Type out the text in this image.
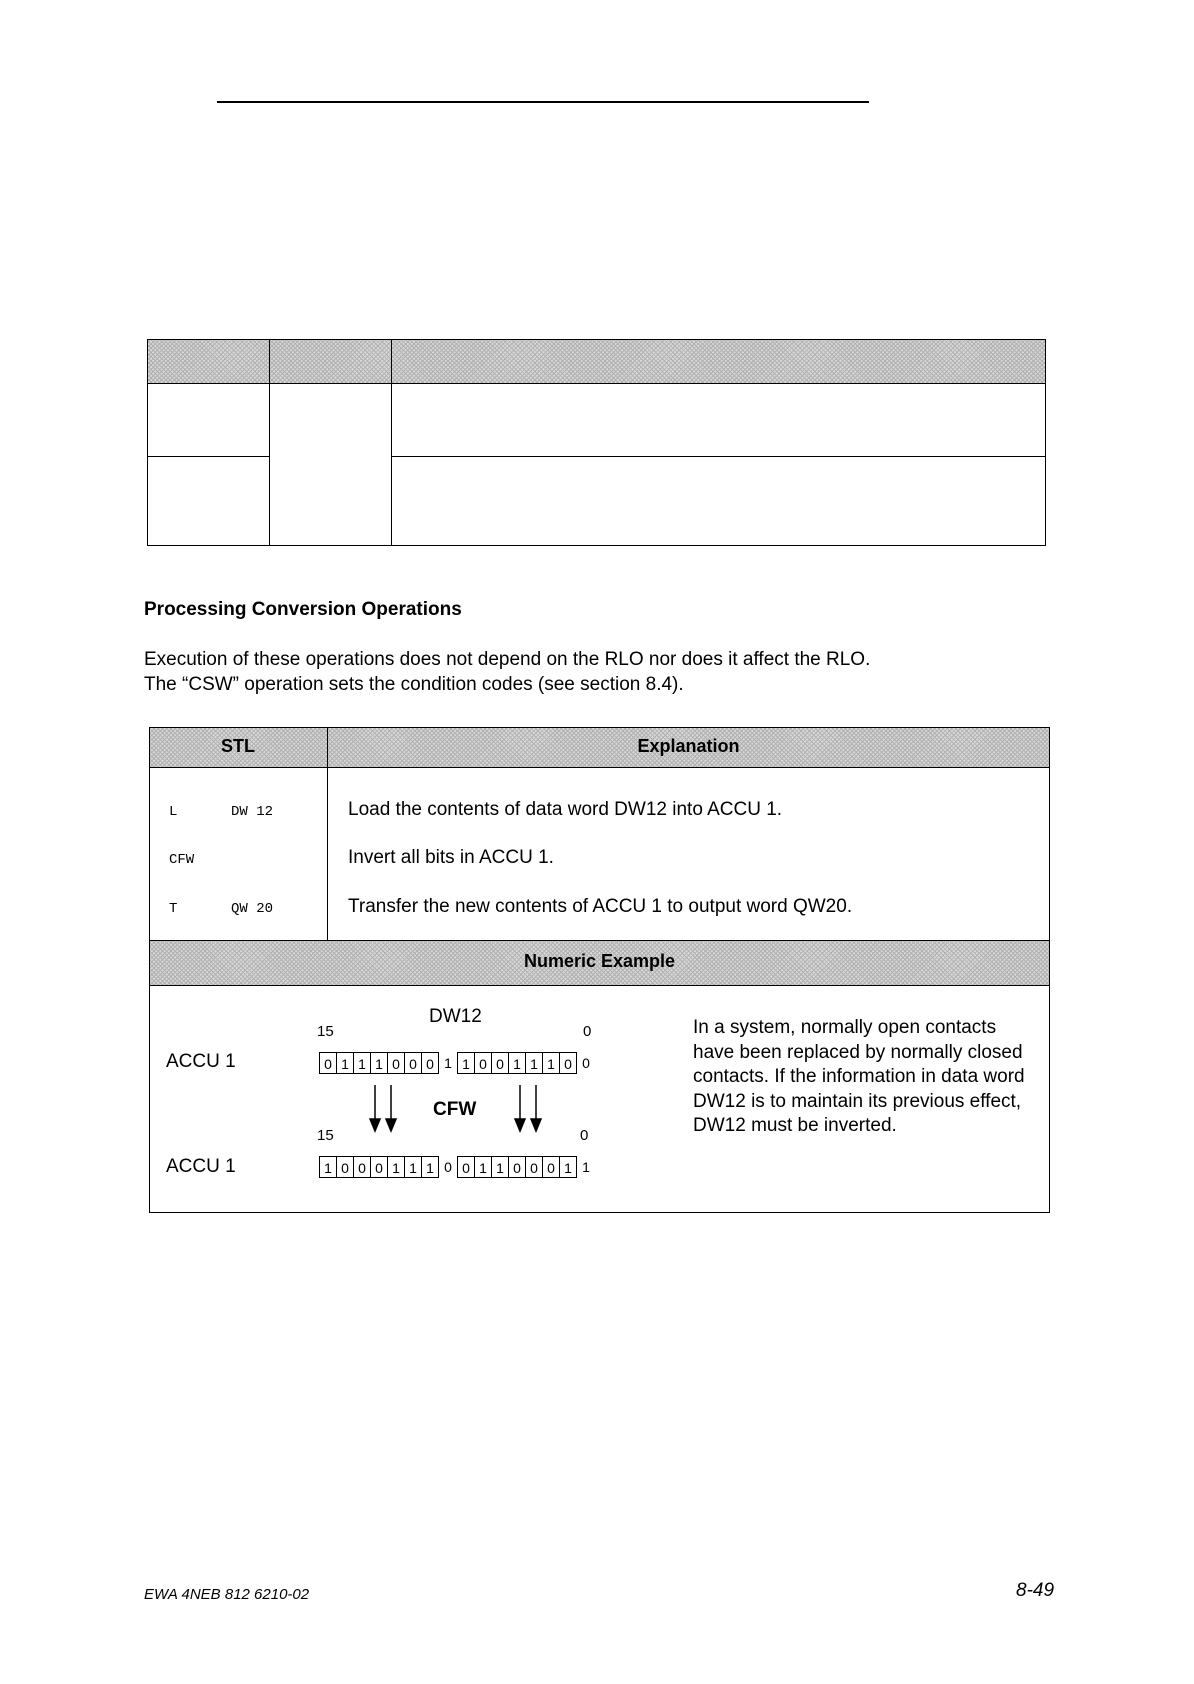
Processing Conversion Operations
Execution of these operations does not depend on the RLO nor does it affect the RLO.
The “CSW” operation sets the condition codes (see section 8.4).
STL	Explanation
L	DW 12	Load the contents of data word DW12 into ACCU 1.
CFW	Invert all bits in ACCU 1.
T	QW 20	Transfer the new contents of ACCU 1 to output word QW20.
Numeric Example
DW12
15	0
ACCU 1	0 1 1 1 0 0 0 1 1 0 0 1 1 1 0 0
CFW
15	0
ACCU 1	1 0 0 0 1 1 1 0 0 1 1 0 0 0 1 1
In a system, normally open contacts have been replaced by normally closed contacts. If the information in data word DW12 is to maintain its previous effect, DW12 must be inverted.
EWA 4NEB 812 6210-02	8-49
